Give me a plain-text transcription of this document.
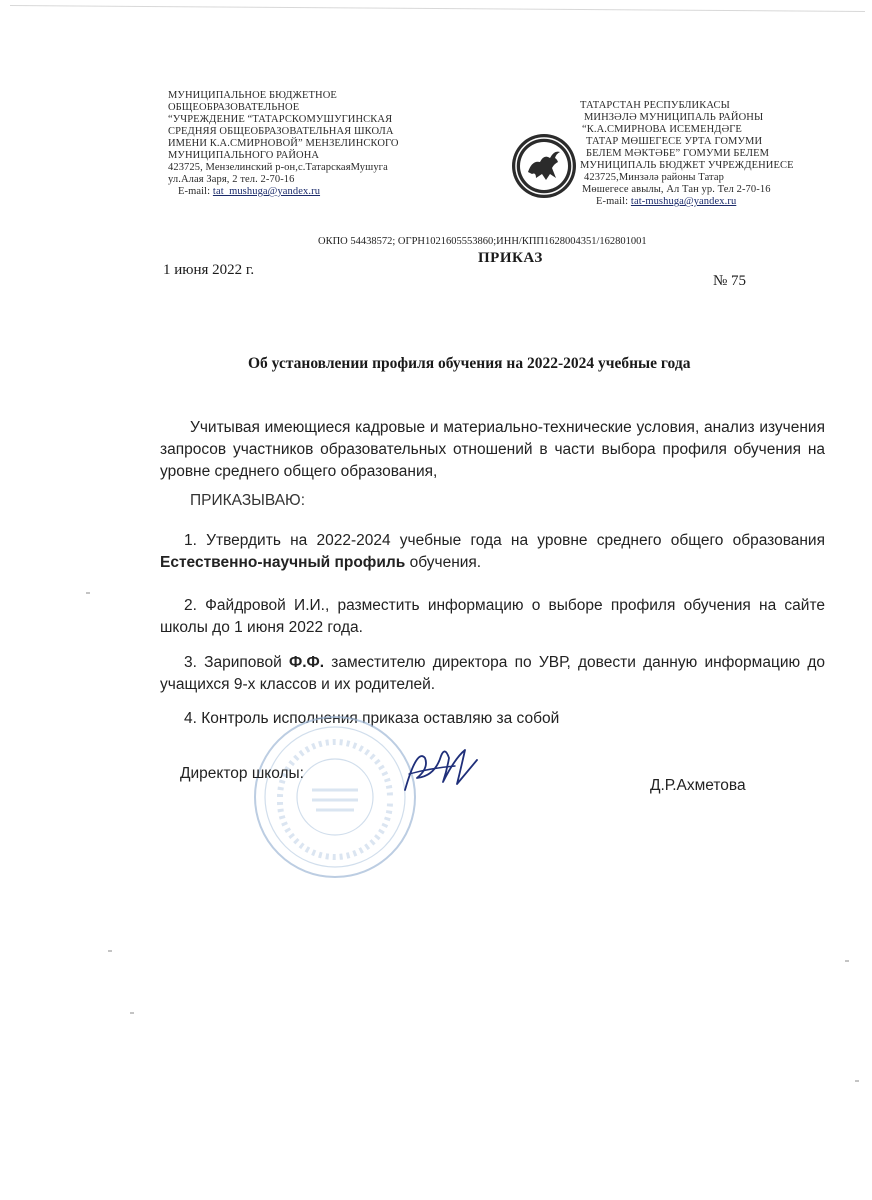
МУНИЦИПАЛЬНОЕ БЮДЖЕТНОЕ
ОБЩЕОБРАЗОВАТЕЛЬНОЕ
“УЧРЕЖДЕНИЕ “ТАТАРСКОМУШУГИНСКАЯ
СРЕДНЯЯ ОБЩЕОБРАЗОВАТЕЛЬНАЯ ШКОЛА
ИМЕНИ К.А.СМИРНОВОЙ” МЕНЗЕЛИНСКОГО
МУНИЦИПАЛЬНОГО РАЙОНА
423725, Мензелинский р-он,с.ТатарскаяМушуга
ул.Алая Заря, 2 тел. 2-70-16
E-mail: tat_mushuga@yandex.ru
ТАТАРСТАН РЕСПУБЛИКАСЫ
МИНЗӘЛӘ МУНИЦИПАЛЬ РАЙОНЫ
“К.А.СМИРНОВА ИСЕМЕНДӘГЕ
ТАТАР МӨШЕГЕСЕ УРТА ГОМУМИ
БЕЛЕМ МӘКТӘБЕ” ГОМУМИ БЕЛЕМ
МУНИЦИПАЛЬ БЮДЖЕТ УЧРЕЖДЕНИЕСЕ
423725,Минзәлә районы Татар
Мөшегесе авылы, Ал Тан ур. Тел 2-70-16
E-mail: tat-mushuga@yandex.ru
ОКПО 54438572; ОГРН1021605553860;ИНН/КПП1628004351/162801001
ПРИКАЗ
1 июня 2022 г.
№ 75
Об установлении профиля обучения на 2022-2024 учебные года
Учитывая имеющиеся кадровые и материально-технические условия, анализ изучения запросов участников образовательных отношений в части выбора профиля обучения на уровне среднего общего образования,
ПРИКАЗЫВАЮ:
1. Утвердить на 2022-2024 учебные года на уровне среднего общего образования Естественно-научный профиль обучения.
2. Файдровой И.И., разместить информацию о выборе профиля обучения на сайте школы до 1 июня 2022 года.
3. Зариповой Ф.Ф. заместителю директора по УВР, довести данную информацию до учащихся 9-х классов и их родителей.
4. Контроль исполнения приказа оставляю за собой
Директор школы:
Д.Р.Ахметова
